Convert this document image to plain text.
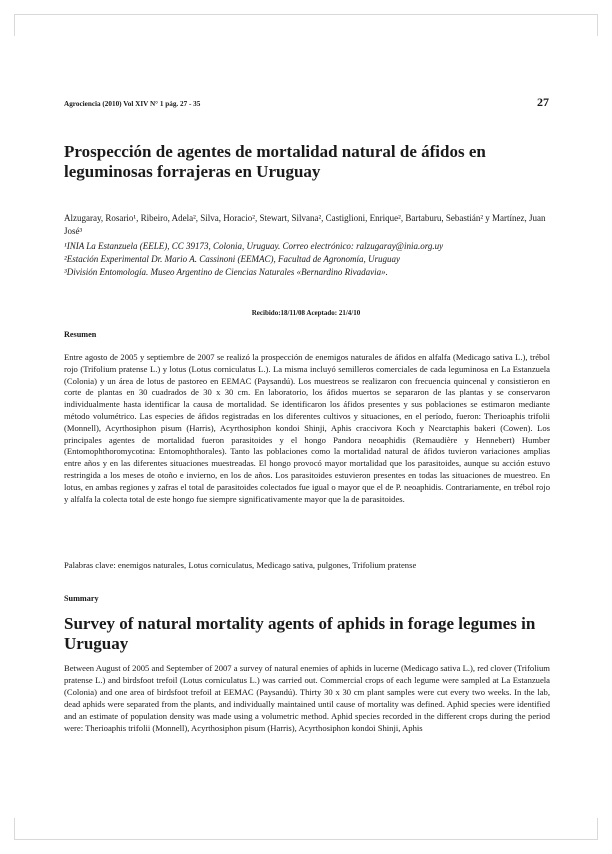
Agrociencia (2010) Vol XIV N° 1 pág. 27 - 35	27
Prospección de agentes de mortalidad natural de áfidos en leguminosas forrajeras en Uruguay
Alzugaray, Rosario¹, Ribeiro, Adela², Silva, Horacio², Stewart, Silvana², Castiglioni, Enrique², Bartaburu, Sebastián² y Martínez, Juan José³
¹INIA La Estanzuela (EELE), CC 39173, Colonia, Uruguay. Correo electrónico: ralzugaray@inia.org.uy
²Estación Experimental Dr. Mario A. Cassinoni (EEMAC), Facultad de Agronomía, Uruguay
³División Entomología. Museo Argentino de Ciencias Naturales «Bernardino Rivadavia».
Recibido:18/11/08 Aceptado: 21/4/10
Resumen

Entre agosto de 2005 y septiembre de 2007 se realizó la prospección de enemigos naturales de áfidos en alfalfa (Medicago sativa L.), trébol rojo (Trifolium pratense L.) y lotus (Lotus corniculatus L.). La misma incluyó semilleros comerciales de cada leguminosa en La Estanzuela (Colonia) y un área de lotus de pastoreo en EEMAC (Paysandú). Los muestreos se realizaron con frecuencia quincenal y consistieron en corte de plantas en 30 cuadrados de 30 x 30 cm. En laboratorio, los áfidos muertos se separaron de las plantas y se conservaron individualmente hasta identificar la causa de mortalidad. Se identificaron los áfidos presentes y sus poblaciones se estimaron mediante método volumétrico. Las especies de áfidos registradas en los diferentes cultivos y situaciones, en el período, fueron: Therioaphis trifolii (Monnell), Acyrthosiphon pisum (Harris), Acyrthosiphon kondoi Shinji, Aphis craccivora Koch y Nearctaphis bakeri (Cowen). Los principales agentes de mortalidad fueron parasitoides y el hongo Pandora neoaphidis (Remaudière y Hennebert) Humber (Entomophthoromycotina: Entomophthorales). Tanto las poblaciones como la mortalidad natural de áfidos tuvieron variaciones amplias entre años y en las diferentes situaciones muestreadas. El hongo provocó mayor mortalidad que los parasitoides, aunque su acción estuvo restringida a los meses de otoño e invierno, en los de años. Los parasitoides estuvieron presentes en todas las situaciones de muestreo. En lotus, en ambas regiones y zafras el total de parasitoides colectados fue igual o mayor que el de P. neoaphidis. Contrariamente, en trébol rojo y alfalfa la colecta total de este hongo fue siempre significativamente mayor que la de parasitoides.

Palabras clave: enemigos naturales, Lotus corniculatus, Medicago sativa, pulgones, Trifolium pratense
Summary
Survey of natural mortality agents of aphids in forage legumes in Uruguay

Between August of 2005 and September of 2007 a survey of natural enemies of aphids in lucerne (Medicago sativa L.), red clover (Trifolium pratense L.) and birdsfoot trefoil (Lotus corniculatus L.) was carried out. Commercial crops of each legume were sampled at La Estanzuela (Colonia) and one area of birdsfoot trefoil at EEMAC (Paysandú). Thirty 30 x 30 cm plant samples were cut every two weeks. In the lab, dead aphids were separated from the plants, and individually maintained until cause of mortality was defined. Aphid species were identified and an estimate of population density was made using a volumetric method. Aphid species recorded in the different crops during the period were: Therioaphis trifolii (Monnell), Acyrthosiphon pisum (Harris), Acyrthosiphon kondoi Shinji, Aphis
